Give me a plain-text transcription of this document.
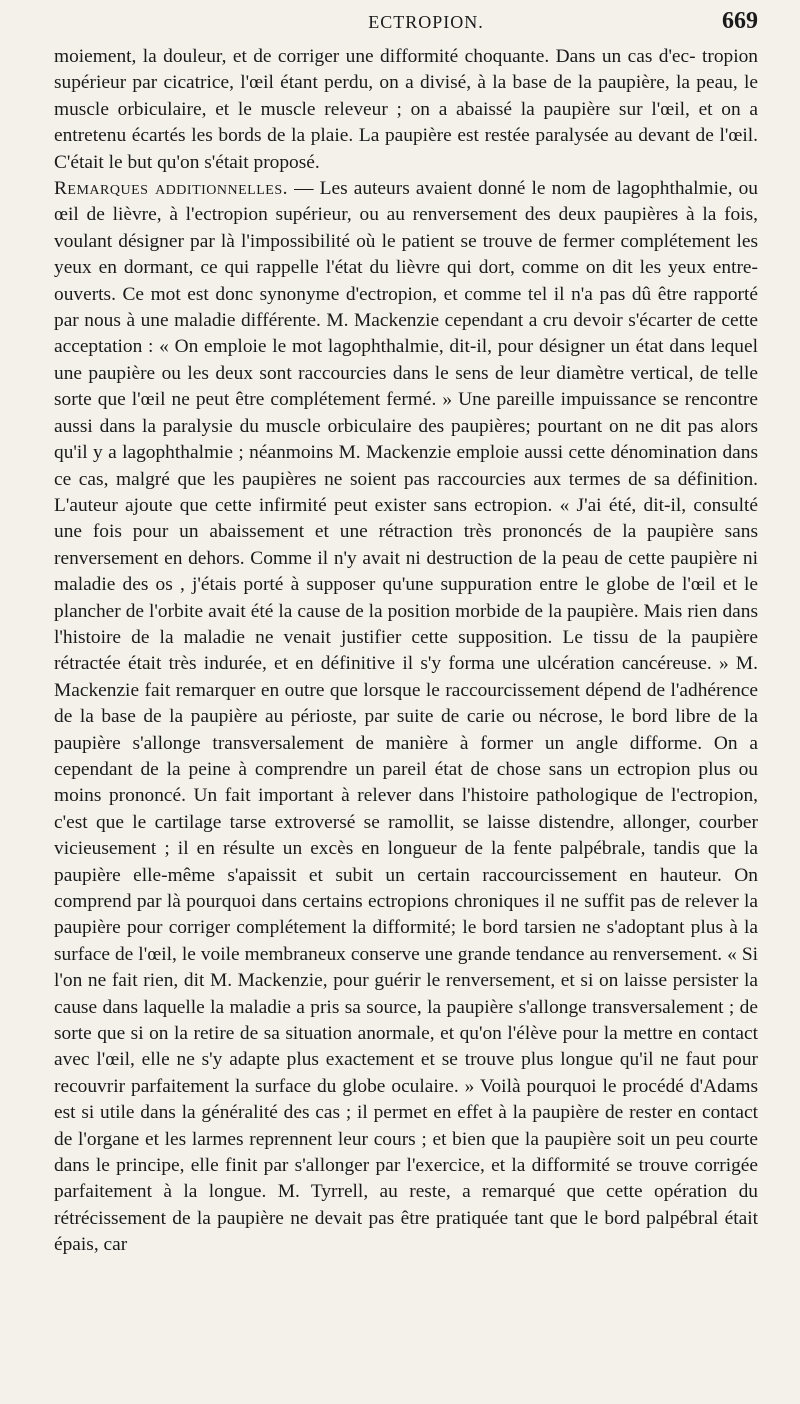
ECTROPION.	669

moiement, la douleur, et de corriger une difformité choquante. Dans un cas d'ec- tropion supérieur par cicatrice, l'œil étant perdu, on a divisé, à la base de la paupière, la peau, le muscle orbiculaire, et le muscle releveur ; on a abaissé la paupière sur l'œil, et on a entretenu écartés les bords de la plaie. La paupière est restée paralysée au devant de l'œil. C'était le but qu'on s'était proposé.

Remarques additionnelles. — Les auteurs avaient donné le nom de lagophthalmie, ou œil de lièvre, à l'ectropion supérieur, ou au renversement des deux paupières à la fois, voulant désigner par là l'impossibilité où le patient se trouve de fermer complétement les yeux en dormant, ce qui rappelle l'état du lièvre qui dort, comme on dit les yeux entre-ouverts. Ce mot est donc synonyme d'ectropion, et comme tel il n'a pas dû être rapporté par nous à une maladie différente. M. Mackenzie cependant a cru devoir s'écarter de cette acceptation : « On emploie le mot lagophthalmie, dit-il, pour désigner un état dans lequel une paupière ou les deux sont raccourcies dans le sens de leur diamètre vertical, de telle sorte que l'œil ne peut être complétement fermé. » Une pareille impuissance se rencontre aussi dans la paralysie du muscle orbiculaire des paupières; pourtant on ne dit pas alors qu'il y a lagophthalmie ; néanmoins M. Mackenzie emploie aussi cette dénomination dans ce cas, malgré que les paupières ne soient pas raccourcies aux termes de sa définition. L'auteur ajoute que cette infirmité peut exister sans ectropion. « J'ai été, dit-il, consulté une fois pour un abaissement et une rétraction très prononcés de la paupière sans renversement en dehors. Comme il n'y avait ni destruction de la peau de cette paupière ni maladie des os , j'étais porté à supposer qu'une suppuration entre le globe de l'œil et le plancher de l'orbite avait été la cause de la position morbide de la paupière. Mais rien dans l'histoire de la maladie ne venait justifier cette supposition. Le tissu de la paupière rétractée était très indurée, et en définitive il s'y forma une ulcération cancéreuse. » M. Mackenzie fait remarquer en outre que lorsque le raccourcissement dépend de l'adhérence de la base de la paupière au périoste, par suite de carie ou nécrose, le bord libre de la paupière s'allonge transversalement de manière à former un angle difforme. On a cependant de la peine à comprendre un pareil état de chose sans un ectropion plus ou moins prononcé. Un fait important à relever dans l'histoire pathologique de l'ectropion, c'est que le cartilage tarse extroversé se ramollit, se laisse distendre, allonger, courber vicieusement ; il en résulte un excès en longueur de la fente palpébrale, tandis que la paupière elle-même s'apaissit et subit un certain raccourcissement en hauteur. On comprend par là pourquoi dans certains ectropions chroniques il ne suffit pas de relever la paupière pour corriger complétement la difformité; le bord tarsien ne s'adoptant plus à la surface de l'œil, le voile membraneux conserve une grande tendance au renversement. « Si l'on ne fait rien, dit M. Mackenzie, pour guérir le renversement, et si on laisse persister la cause dans laquelle la maladie a pris sa source, la paupière s'allonge transversalement ; de sorte que si on la retire de sa situation anormale, et qu'on l'élève pour la mettre en contact avec l'œil, elle ne s'y adapte plus exactement et se trouve plus longue qu'il ne faut pour recouvrir parfaitement la surface du globe oculaire. » Voilà pourquoi le procédé d'Adams est si utile dans la généralité des cas ; il permet en effet à la paupière de rester en contact de l'organe et les larmes reprennent leur cours ; et bien que la paupière soit un peu courte dans le principe, elle finit par s'allonger par l'exercice, et la difformité se trouve corrigée parfaitement à la longue. M. Tyrrell, au reste, a remarqué que cette opération du rétrécissement de la paupière ne devait pas être pratiquée tant que le bord palpébral était épais, car
